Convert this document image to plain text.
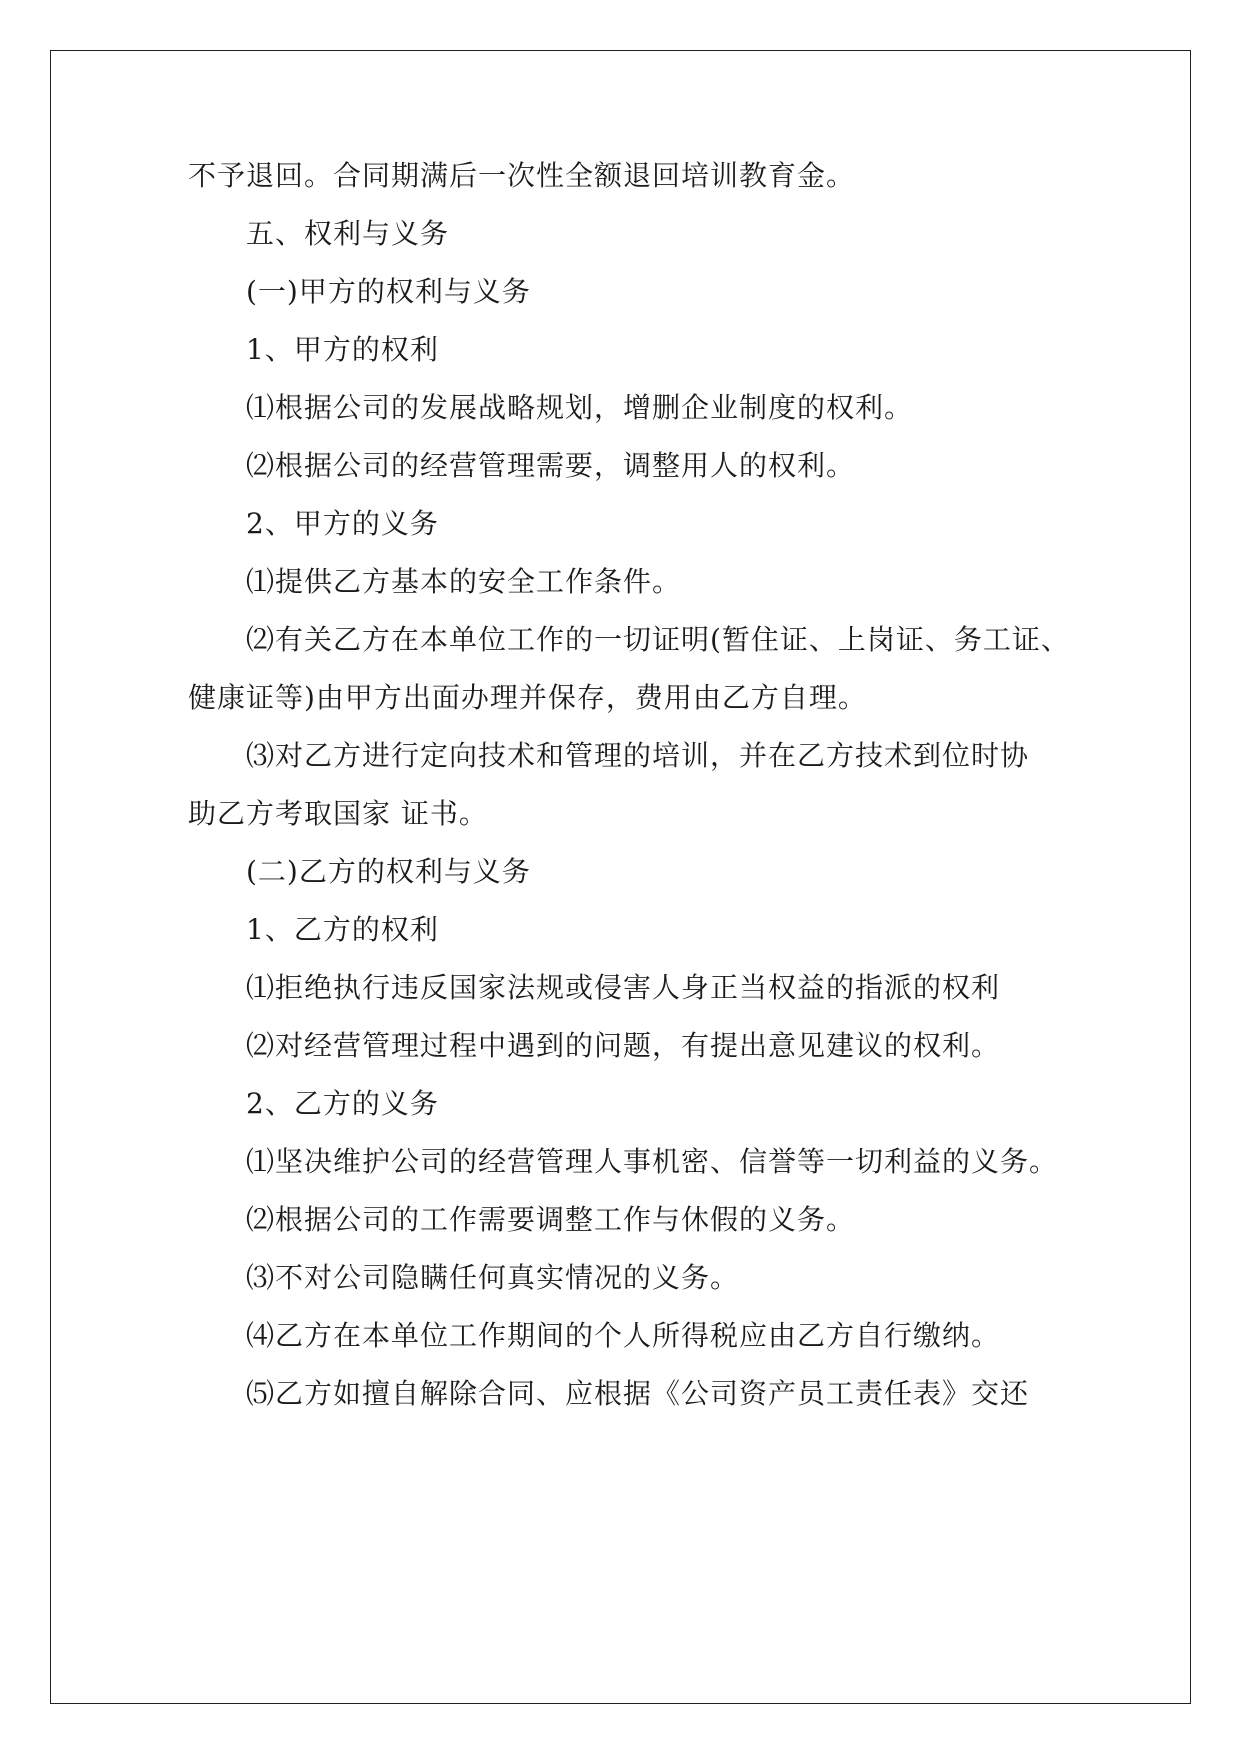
不予退回。合同期满后一次性全额退回培训教育金。
五、权利与义务
(一)甲方的权利与义务
1、甲方的权利
⑴根据公司的发展战略规划，增删企业制度的权利。
⑵根据公司的经营管理需要，调整用人的权利。
2、甲方的义务
⑴提供乙方基本的安全工作条件。
⑵有关乙方在本单位工作的一切证明(暂住证、上岗证、务工证、
健康证等)由甲方出面办理并保存，费用由乙方自理。
⑶对乙方进行定向技术和管理的培训，并在乙方技术到位时协
助乙方考取国家 证书。
(二)乙方的权利与义务
1、乙方的权利
⑴拒绝执行违反国家法规或侵害人身正当权益的指派的权利
⑵对经营管理过程中遇到的问题，有提出意见建议的权利。
2、乙方的义务
⑴坚决维护公司的经营管理人事机密、信誉等一切利益的义务。
⑵根据公司的工作需要调整工作与休假的义务。
⑶不对公司隐瞒任何真实情况的义务。
⑷乙方在本单位工作期间的个人所得税应由乙方自行缴纳。
⑸乙方如擅自解除合同、应根据《公司资产员工责任表》交还
